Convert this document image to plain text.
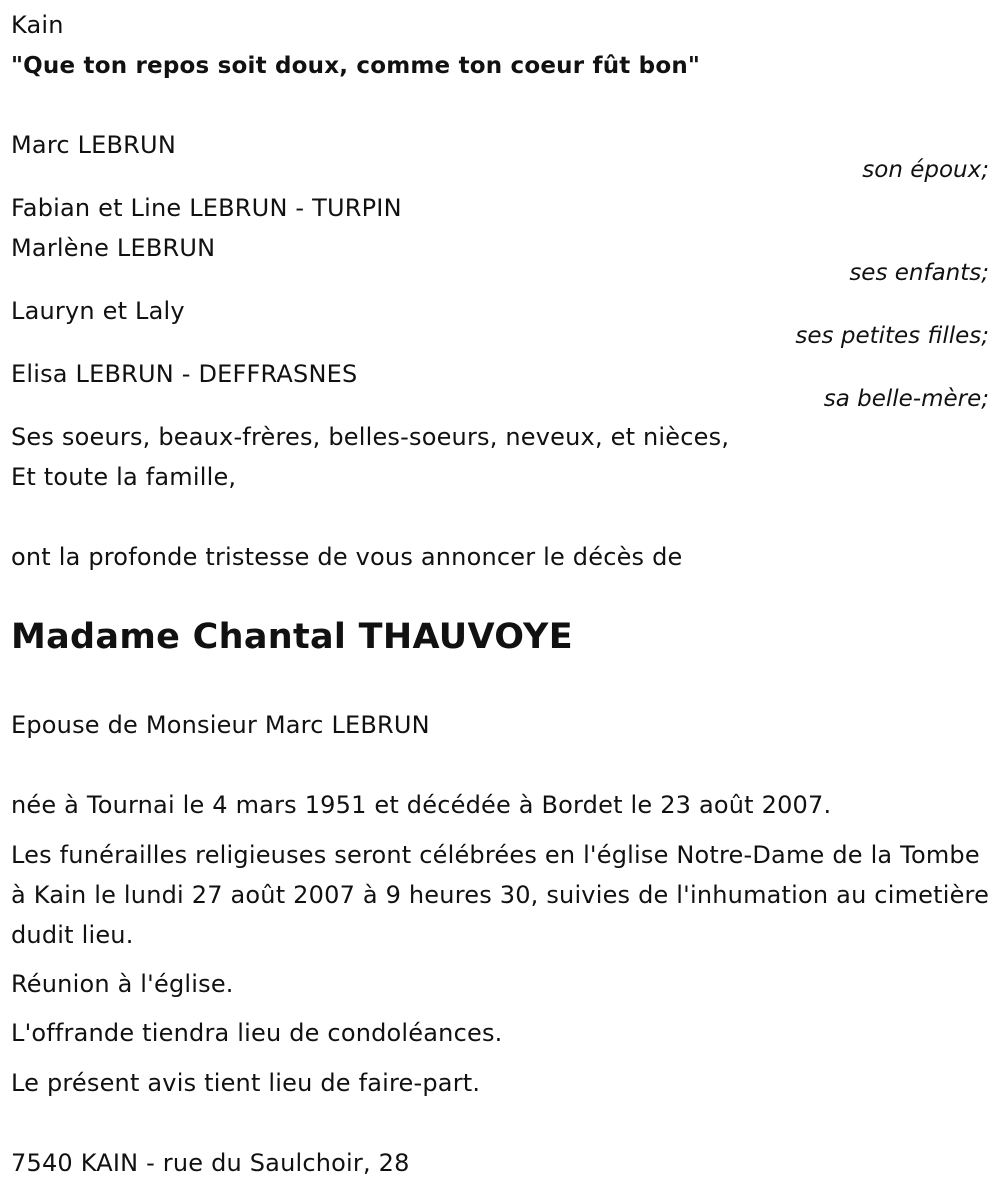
Kain
"Que ton repos soit doux, comme ton coeur fût bon"
Marc LEBRUN
son époux;
Fabian et Line LEBRUN - TURPIN
Marlène LEBRUN
ses enfants;
Lauryn et Laly
ses petites filles;
Elisa LEBRUN - DEFFRASNES
sa belle-mère;
Ses soeurs, beaux-frères, belles-soeurs, neveux, et nièces,
Et toute la famille,
ont la profonde tristesse de vous annoncer le décès de
Madame Chantal THAUVOYE
Epouse de Monsieur Marc LEBRUN
née à Tournai le 4 mars 1951 et décédée à Bordet le 23 août 2007.
Les funérailles religieuses seront célébrées en l'église Notre-Dame de la Tombe à Kain le lundi 27 août 2007 à 9 heures 30, suivies de l'inhumation au cimetière dudit lieu.
Réunion à l'église.
L'offrande tiendra lieu de condoléances.
Le présent avis tient lieu de faire-part.
7540 KAIN - rue du Saulchoir, 28
